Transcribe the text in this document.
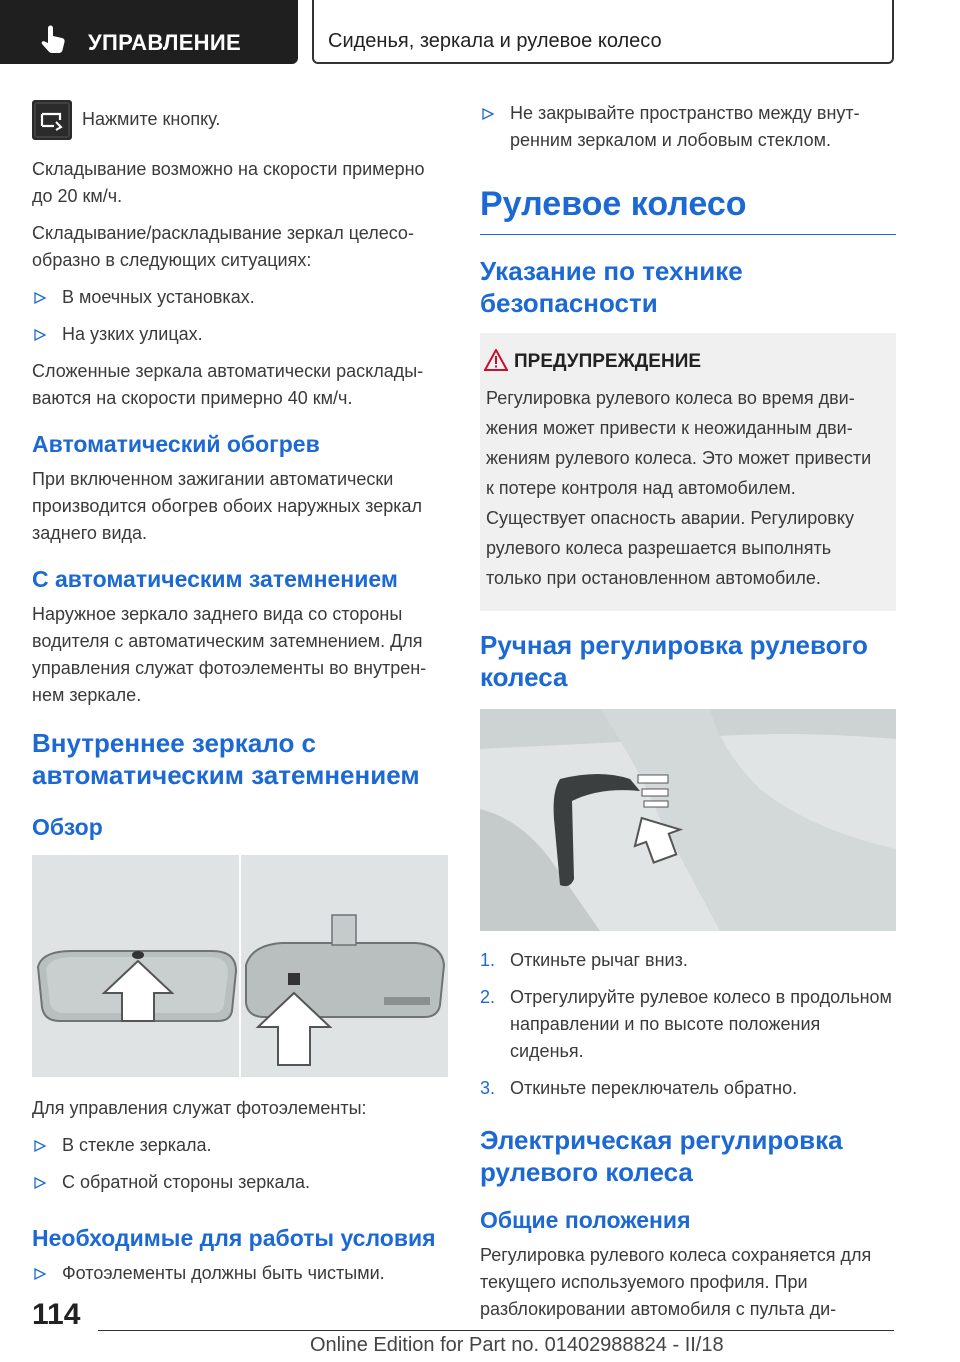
УПРАВЛЕНИЕ	Сиденья, зеркала и рулевое колесо

Нажмите кнопку.

Складывание возможно на скорости примерно до 20 км/ч.

Складывание/раскладывание зеркал целесообразно в следующих ситуациях:

В моечных установках.
На узких улицах.

Сложенные зеркала автоматически раскладываются на скорости примерно 40 км/ч.

Автоматический обогрев

При включенном зажигании автоматически производится обогрев обоих наружных зеркал заднего вида.

С автоматическим затемнением

Наружное зеркало заднего вида со стороны водителя с автоматическим затемнением. Для управления служат фотоэлементы во внутреннем зеркале.

Внутреннее зеркало с автоматическим затемнением
Обзор

Для управления служат фотоэлементы:

В стекле зеркала.
С обратной стороны зеркала.
Необходимые для работы условия
Фотоэлементы должны быть чистыми.
Не закрывайте пространство между внутренним зеркалом и лобовым стеклом.
Рулевое колесо
Указание по технике безопасности
ПРЕДУПРЕЖДЕНИЕ

Регулировка рулевого колеса во время движения может привести к неожиданным движениям рулевого колеса. Это может привести к потере контроля над автомобилем. Существует опасность аварии. Регулировку рулевого колеса разрешается выполнять только при остановленном автомобиле.

Ручная регулировка рулевого колеса
1. Откиньте рычаг вниз.
2. Отрегулируйте рулевое колесо в продольном направлении и по высоте положения сиденья.
3. Откиньте переключатель обратно.
Электрическая регулировка рулевого колеса
Общие положения

Регулировка рулевого колеса сохраняется для текущего используемого профиля. При разблокировании автомобиля с пульта ди-

114
Online Edition for Part no. 01402988824 - II/18
